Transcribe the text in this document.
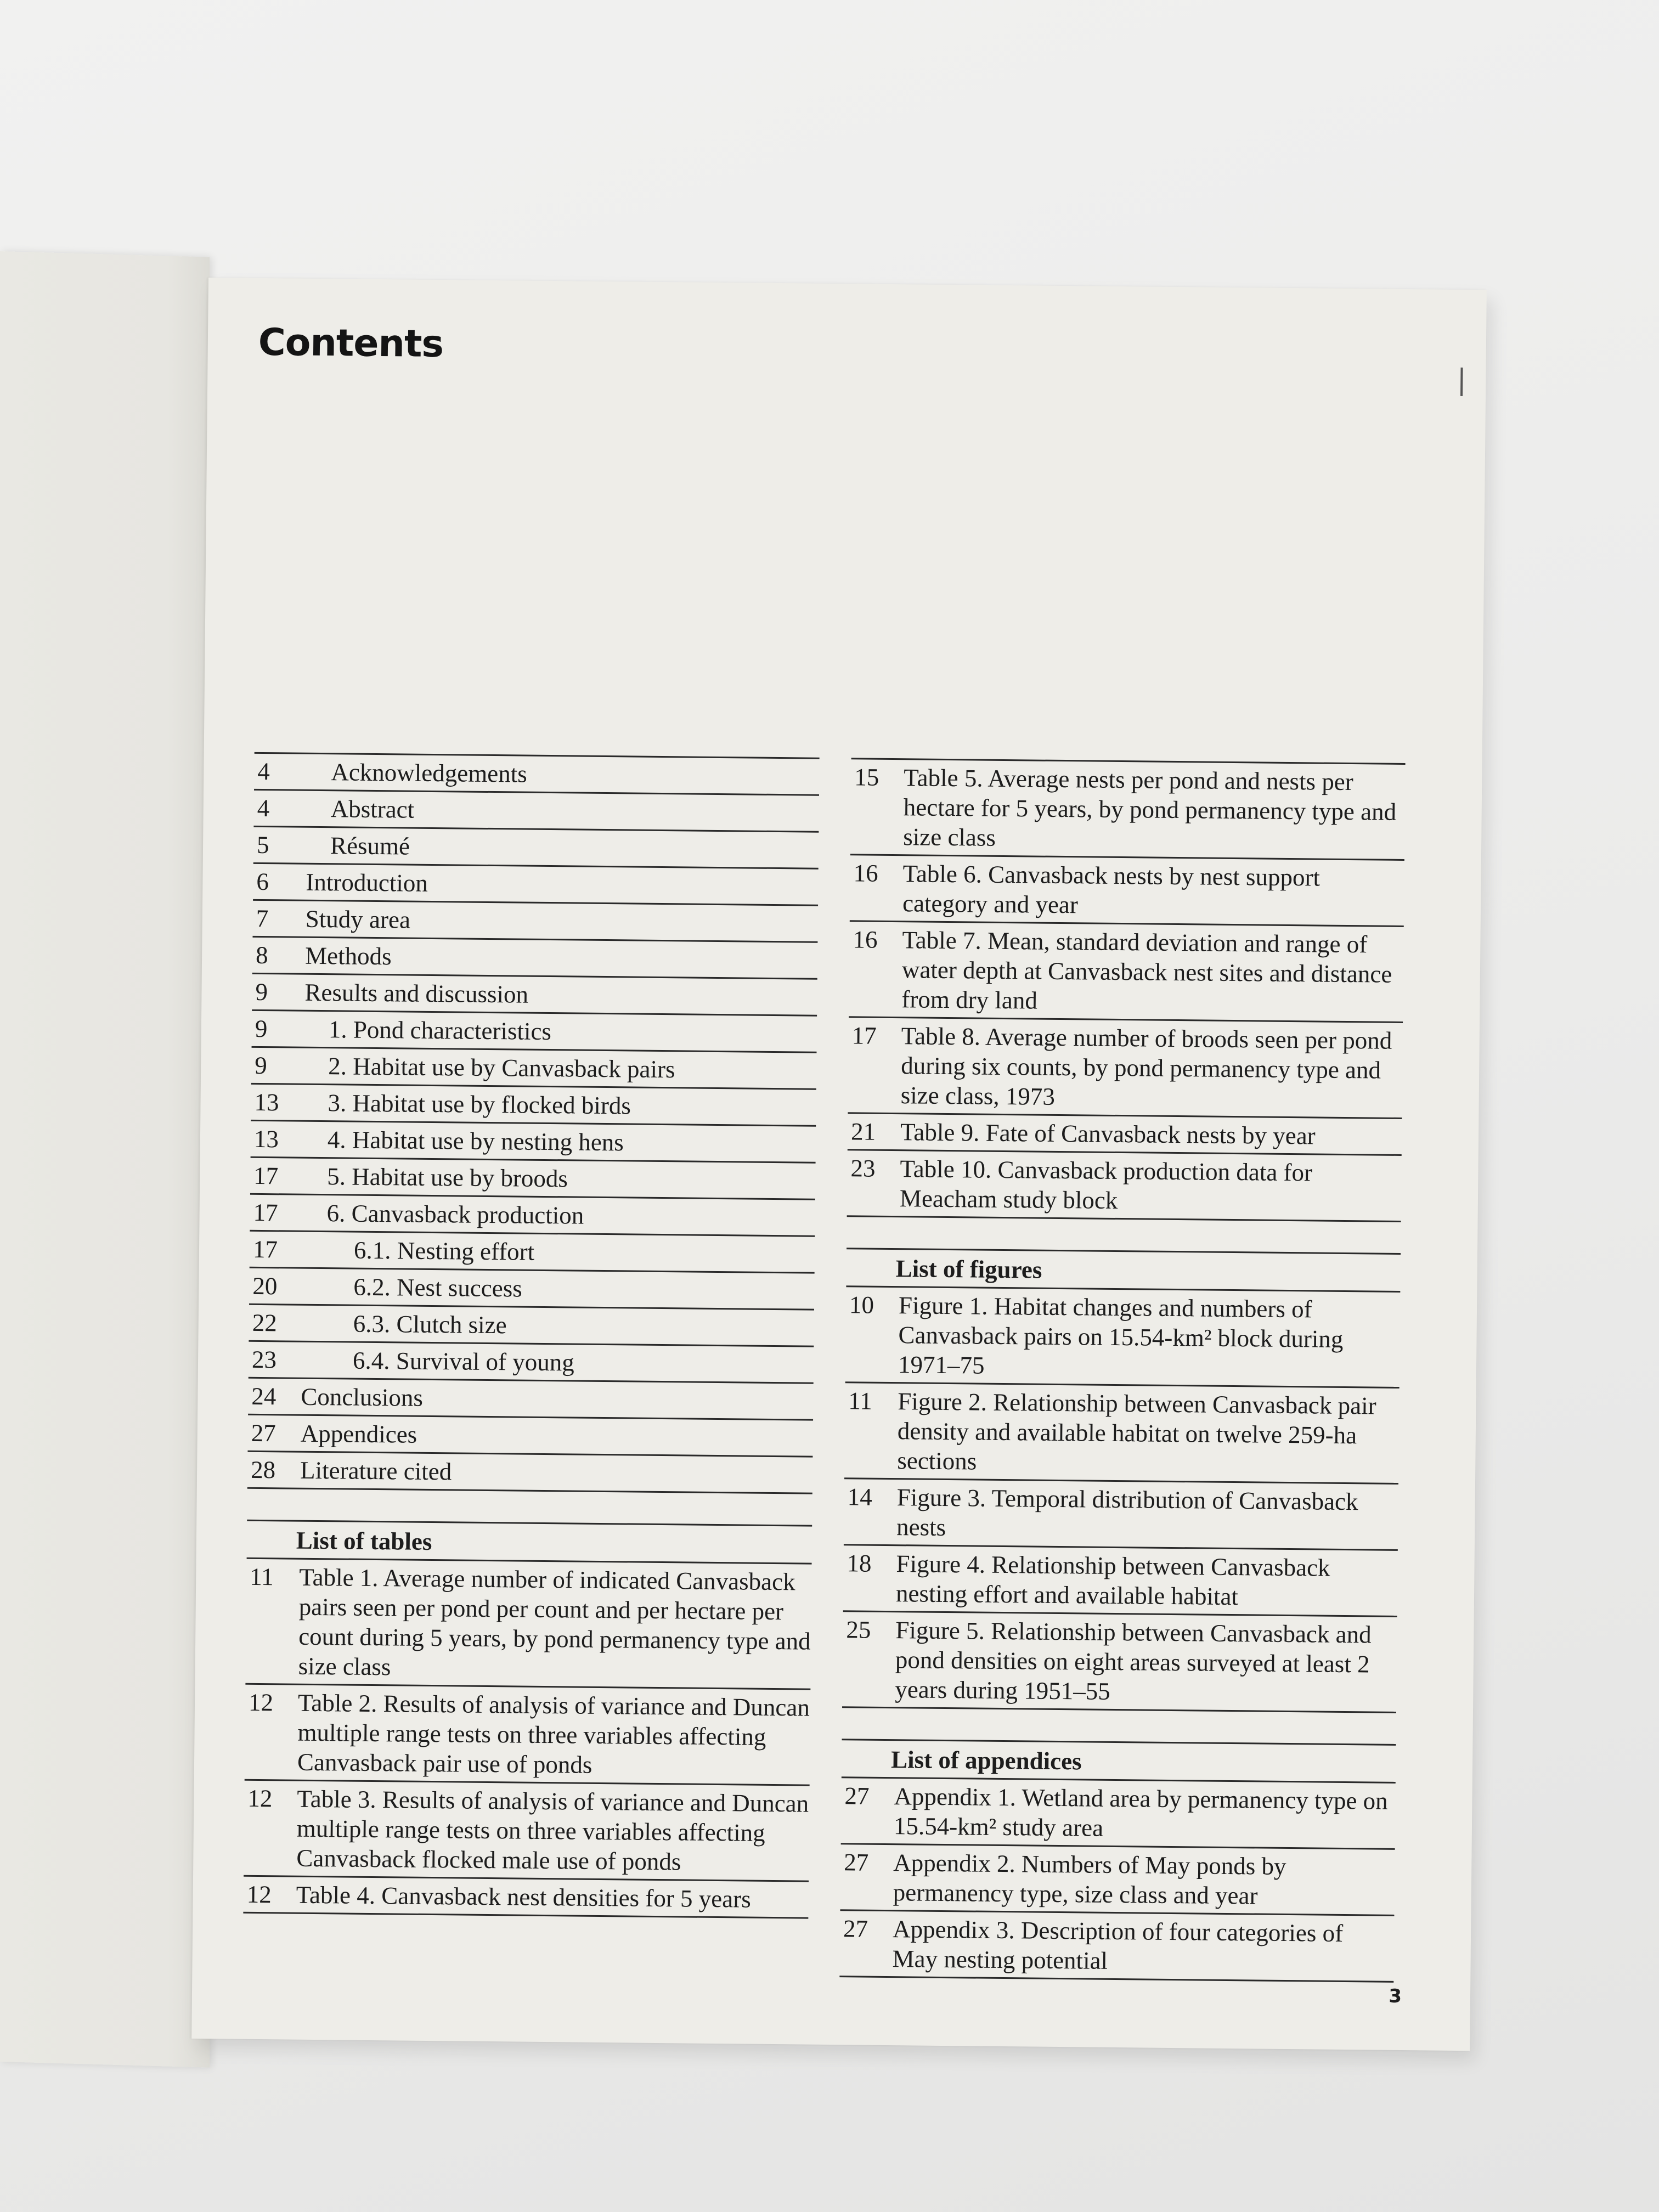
Contents
4	Acknowledgements
4	Abstract
5	Résumé
6	Introduction
7	Study area
8	Methods
9	Results and discussion
9	1. Pond characteristics
9	2. Habitat use by Canvasback pairs
13	3. Habitat use by flocked birds
13	4. Habitat use by nesting hens
17	5. Habitat use by broods
17	6. Canvasback production
17	6.1. Nesting effort
20	6.2. Nest success
22	6.3. Clutch size
23	6.4. Survival of young
24 Conclusions
27 Appendices
28 Literature cited
List of tables
11	Table 1. Average number of indicated Canvasback pairs seen per pond per count and per hectare per count during 5 years, by pond permanency type and size class
12 Table 2. Results of analysis of variance and Duncan multiple range tests on three variables affecting Canvasback pair use of ponds
12 Table 3. Results of analysis of variance and Duncan multiple range tests on three variables affecting Canvasback flocked male use of ponds
12 Table 4. Canvasback nest densities for 5 years
15 Table 5. Average nests per pond and nests per hectare for 5 years, by pond permanency type and size class
16 Table 6. Canvasback nests by nest support category and year
16 Table 7. Mean, standard deviation and range of water depth at Canvasback nest sites and distance from dry land
17 Table 8. Average number of broods seen per pond during six counts, by pond permanency type and size class, 1973
21 Table 9. Fate of Canvasback nests by year
23 Table 10. Canvasback production data for Meacham study block
List of figures
10 Figure 1. Habitat changes and numbers of Canvasback pairs on 15.54-km² block during 1971–75
11	Figure 2. Relationship between Canvasback pair density and available habitat on twelve 259-ha sections
14 Figure 3. Temporal distribution of Canvasback nests
18 Figure 4. Relationship between Canvasback nesting effort and available habitat
25 Figure 5. Relationship between Canvasback and pond densities on eight areas surveyed at least 2 years during 1951–55
List of appendices
27 Appendix 1. Wetland area by permanency type on 15.54-km² study area
27 Appendix 2. Numbers of May ponds by permanency type, size class and year
27 Appendix 3. Description of four categories of May nesting potential
3
